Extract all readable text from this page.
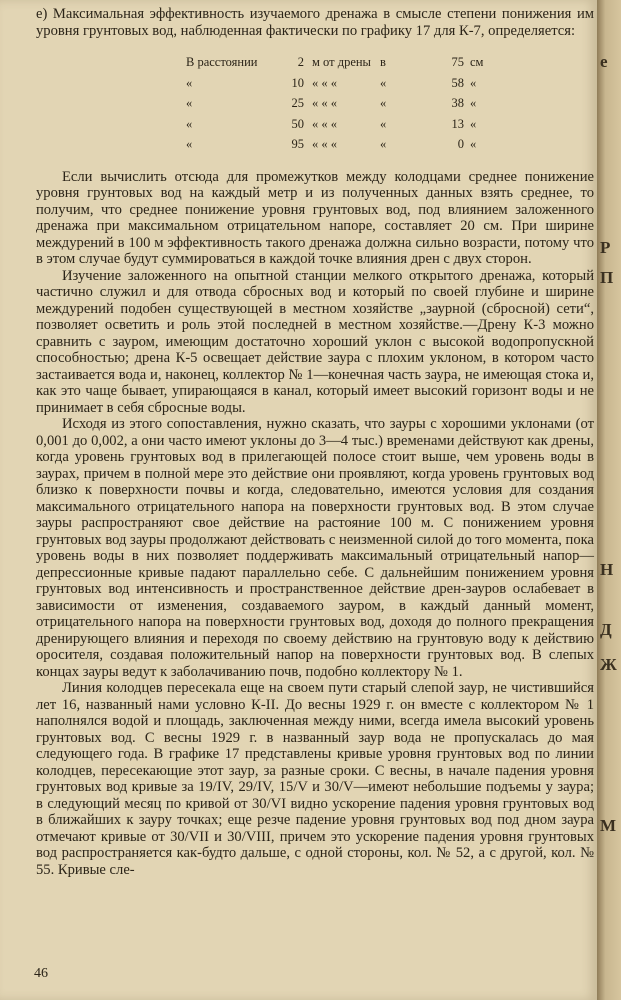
е) Максимальная эффективность изучаемого дренажа в смысле степени понижения им уровня грунтовых вод, наблюденная фактически по графику 17 для К-7, определяется:

В расстоянии	2 м от дрены в	75 см
«	10 « « «	«	58 «
«	25 « « «	«	38 «
«	50 « « «	«	13 «
«	95 « « «	«	0 «

Если вычислить отсюда для промежутков между колодцами среднее понижение уровня грунтовых вод на каждый метр и из полученных данных взять среднее, то получим, что среднее понижение уровня грунтовых вод, под влиянием заложенного дренажа при максимальном отрицательном напоре, составляет 20 см. При ширине междурений в 100 м эффективность такого дренажа должна сильно возрасти, потому что в этом случае будут суммироваться в каждой точке влияния дрен с двух сторон.

Изучение заложенного на опытной станции мелкого открытого дренажа, который частично служил и для отвода сбросных вод и который по своей глубине и ширине междурений подобен существующей в местном хозяйстве „заурной (сбросной) сети“, позволяет осветить и роль этой последней в местном хозяйстве.—Дрену К-3 можно сравнить с зауром, имеющим достаточно хороший уклон с высокой водопропускной способностью; дрена К-5 освещает действие заура с плохим уклоном, в котором часто застаивается вода и, наконец, коллектор № 1—конечная часть заура, не имеющая стока и, как это чаще бывает, упирающаяся в канал, который имеет высокий горизонт воды и не принимает в себя сбросные воды.

Исходя из этого сопоставления, нужно сказать, что зауры с хорошими уклонами (от 0,001 до 0,002, а они часто имеют уклоны до 3—4 тыс.) временами действуют как дрены, когда уровень грунтовых вод в прилегающей полосе стоит выше, чем уровень воды в заурах, причем в полной мере это действие они проявляют, когда уровень грунтовых вод близко к поверхности почвы и когда, следовательно, имеются условия для создания максимального отрицательного напора на поверхности грунтовых вод. В этом случае зауры распространяют свое действие на растояние 100 м. С понижением уровня грунтовых вод зауры продолжают действовать с неизменной силой до того момента, пока уровень воды в них позволяет поддерживать максимальный отрицательный напор—депрессионные кривые падают параллельно себе. С дальнейшим понижением уровня грунтовых вод интенсивность и пространственное действие дрен-зауров ослабевает в зависимости от изменения, создаваемого зауром, в каждый данный момент, отрицательного напора на поверхности грунтовых вод, доходя до полного прекращения дренирующего влияния и переходя по своему действию на грунтовую воду к действию оросителя, создавая положительный напор на поверхности грунтовых вод. В слепых концах зауры ведут к заболачиванию почв, подобно коллектору № 1.

Линия колодцев пересекала еще на своем пути старый слепой заур, не чистившийся лет 16, названный нами условно К-II. До весны 1929 г. он вместе с коллектором № 1 наполнялся водой и площадь, заключенная между ними, всегда имела высокий уровень грунтовых вод. С весны 1929 г. в названный заур вода не пропускалась до мая следующего года. В графике 17 представлены кривые уровня грунтовых вод по линии колодцев, пересекающие этот заур, за разные сроки. С весны, в начале падения уровня грунтовых вод кривые за 19/IV, 29/IV, 15/V и 30/V—имеют небольшие подъемы у заура; в следующий месяц по кривой от 30/VI видно ускорение падения уровня грунтовых вод в ближайших к зауру точках; еще резче падение уровня грунтовых вод под дном заура отмечают кривые от 30/VII и 30/VIII, причем это ускорение падения уровня грунтовых вод распространяется как-будто дальше, с одной стороны, кол. № 52, а с другой, кол. № 55. Кривые сле-

46
е
Р
П
Н
Д
М
Ж
